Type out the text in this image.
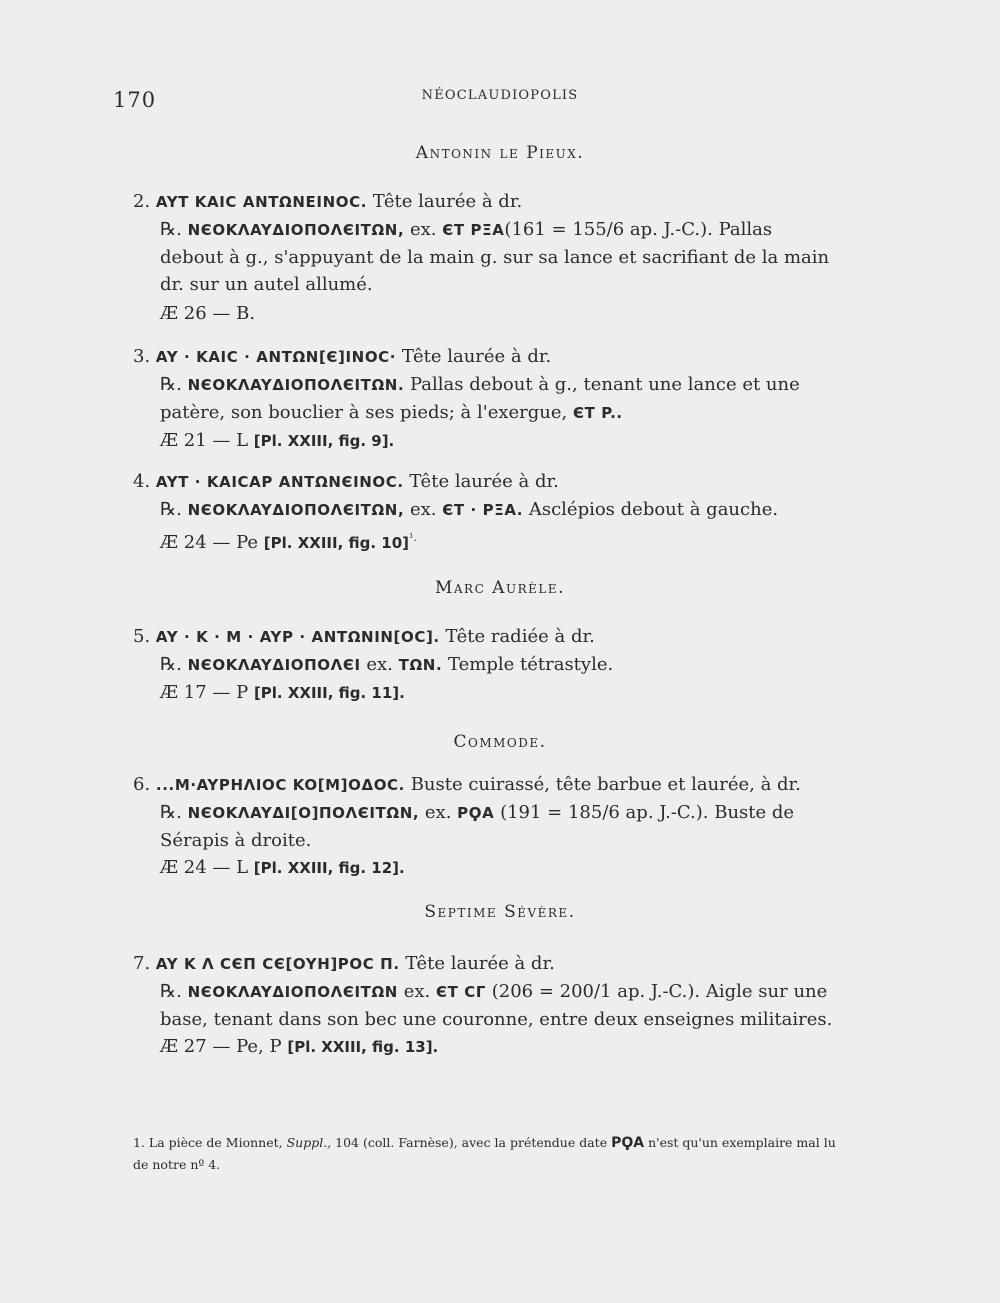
170	NÉOCLAUDIOPOLIS
Antonin le Pieux.
2. AYT KAIC ANTΩNEINOC. Tête laurée à dr.
℞. NЄOKΛAYΔIOΠOΛЄITΩN, ex. ЄT PΞA(161 = 155/6 ap. J.-C.). Pallas debout à g., s'appuyant de la main g. sur sa lance et sacrifiant de la main dr. sur un autel allumé.
Æ 26 — B.
3. AY · KAIC · ANTΩN[Є]INOC· Tête laurée à dr.
℞. NЄOKΛAYΔIOΠOΛЄITΩN. Pallas debout à g., tenant une lance et une patère, son bouclier à ses pieds; à l'exergue, ЄT P..
Æ 21 — L [Pl. XXIII, fig. 9].
4. AYT · KAICAP ANTΩNЄINOC. Tête laurée à dr.
℞. NЄOKΛAYΔIOΠOΛЄITΩN, ex. ЄT · PΞA. Asclépios debout à gauche.
Æ 24 — Pe [Pl. XXIII, fig. 10]$^{^1.}$
Marc Aurèle.
5. AY · K · M · AYP · ANTΩNIN[OC]. Tête radiée à dr.
℞. NЄOKΛAYΔIOΠOΛЄI ex. TΩN. Temple tétrastyle.
Æ 17 — P [Pl. XXIII, fig. 11].
Commode.
6. ...M·AYPHΛIOC KO[M]OΔOC. Buste cuirassé, tête barbue et laurée, à dr.
℞. NЄOKΛAYΔI[O]ΠOΛЄITΩN, ex. PϘA (191 = 185/6 ap. J.-C.). Buste de Sérapis à droite.
Æ 24 — L [Pl. XXIII, fig. 12].
Septime Sévère.
7. AY K Λ CЄΠ CЄ[OYH]POC Π. Tête laurée à dr.
℞. NЄOKΛAYΔIOΠOΛЄITΩN ex. ЄT CΓ (206 = 200/1 ap. J.-C.). Aigle sur une base, tenant dans son bec une couronne, entre deux enseignes militaires.
Æ 27 — Pe, P [Pl. XXIII, fig. 13].
1. La pièce de Mionnet, Suppl., 104 (coll. Farnèse), avec la prétendue date PϘA n'est qu'un exemplaire mal lu de notre nº 4.
